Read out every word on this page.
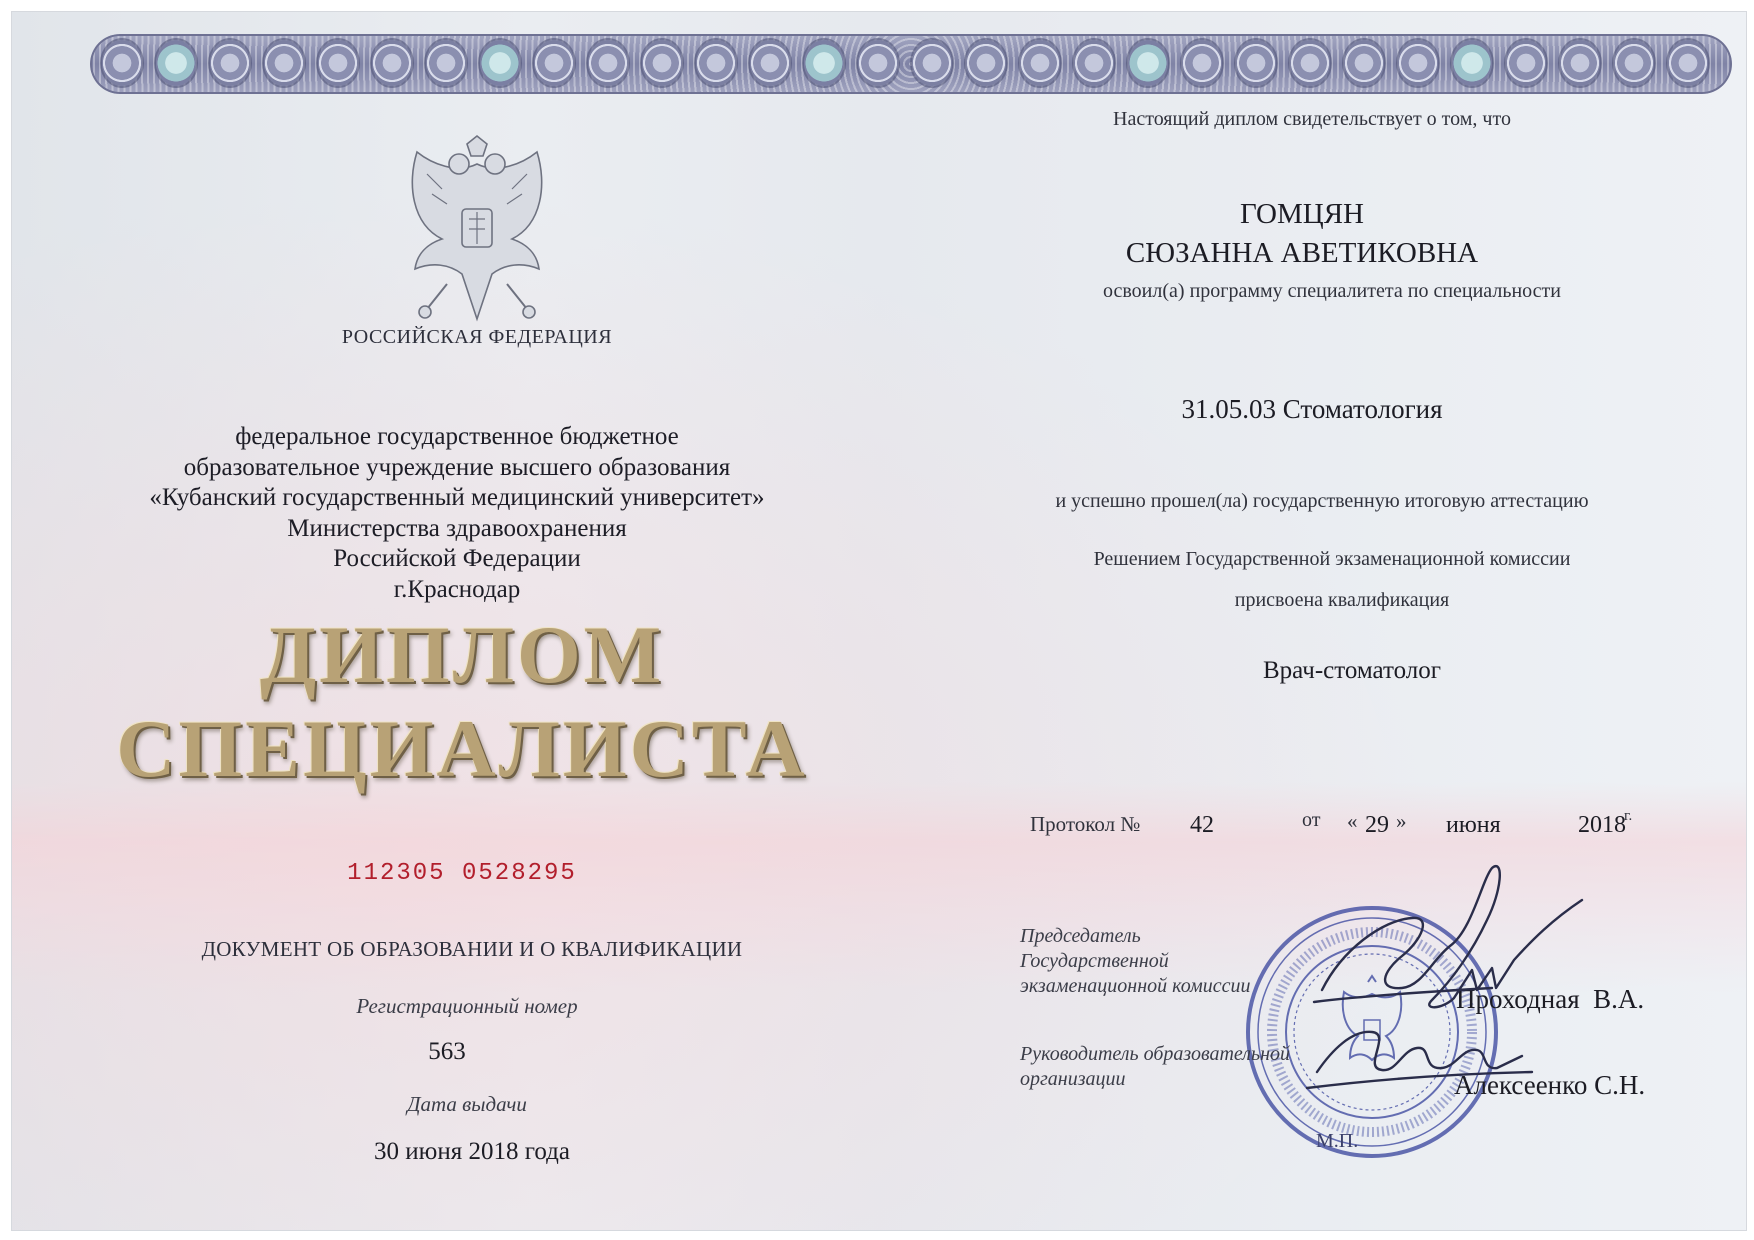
РОССИЙСКАЯ ФЕДЕРАЦИЯ
федеральное государственное бюджетное
образовательное учреждение высшего образования
«Кубанский государственный медицинский университет»
Министерства здравоохранения
Российской Федерации
г.Краснодар
ДИПЛОМ
СПЕЦИАЛИСТА
112305 0528295
ДОКУМЕНТ ОБ ОБРАЗОВАНИИ И О КВАЛИФИКАЦИИ
Регистрационный номер
563
Дата выдачи
30 июня 2018 года
Настоящий диплом свидетельствует о том, что
ГОМЦЯН
СЮЗАННА АВЕТИКОВНА
освоил(а) программу специалитета по специальности
31.05.03 Стоматология
и успешно прошел(ла) государственную итоговую аттестацию
Решением Государственной экзаменационной комиссии
присвоена квалификация
Врач-стоматолог
Протокол № 42	от « 29 » июня	2018
г.
Председатель
Государственной
экзаменационной комиссии	Проходная  В.А.
Руководитель образовательной
организации	Алексеенко С.Н.
М.П.
